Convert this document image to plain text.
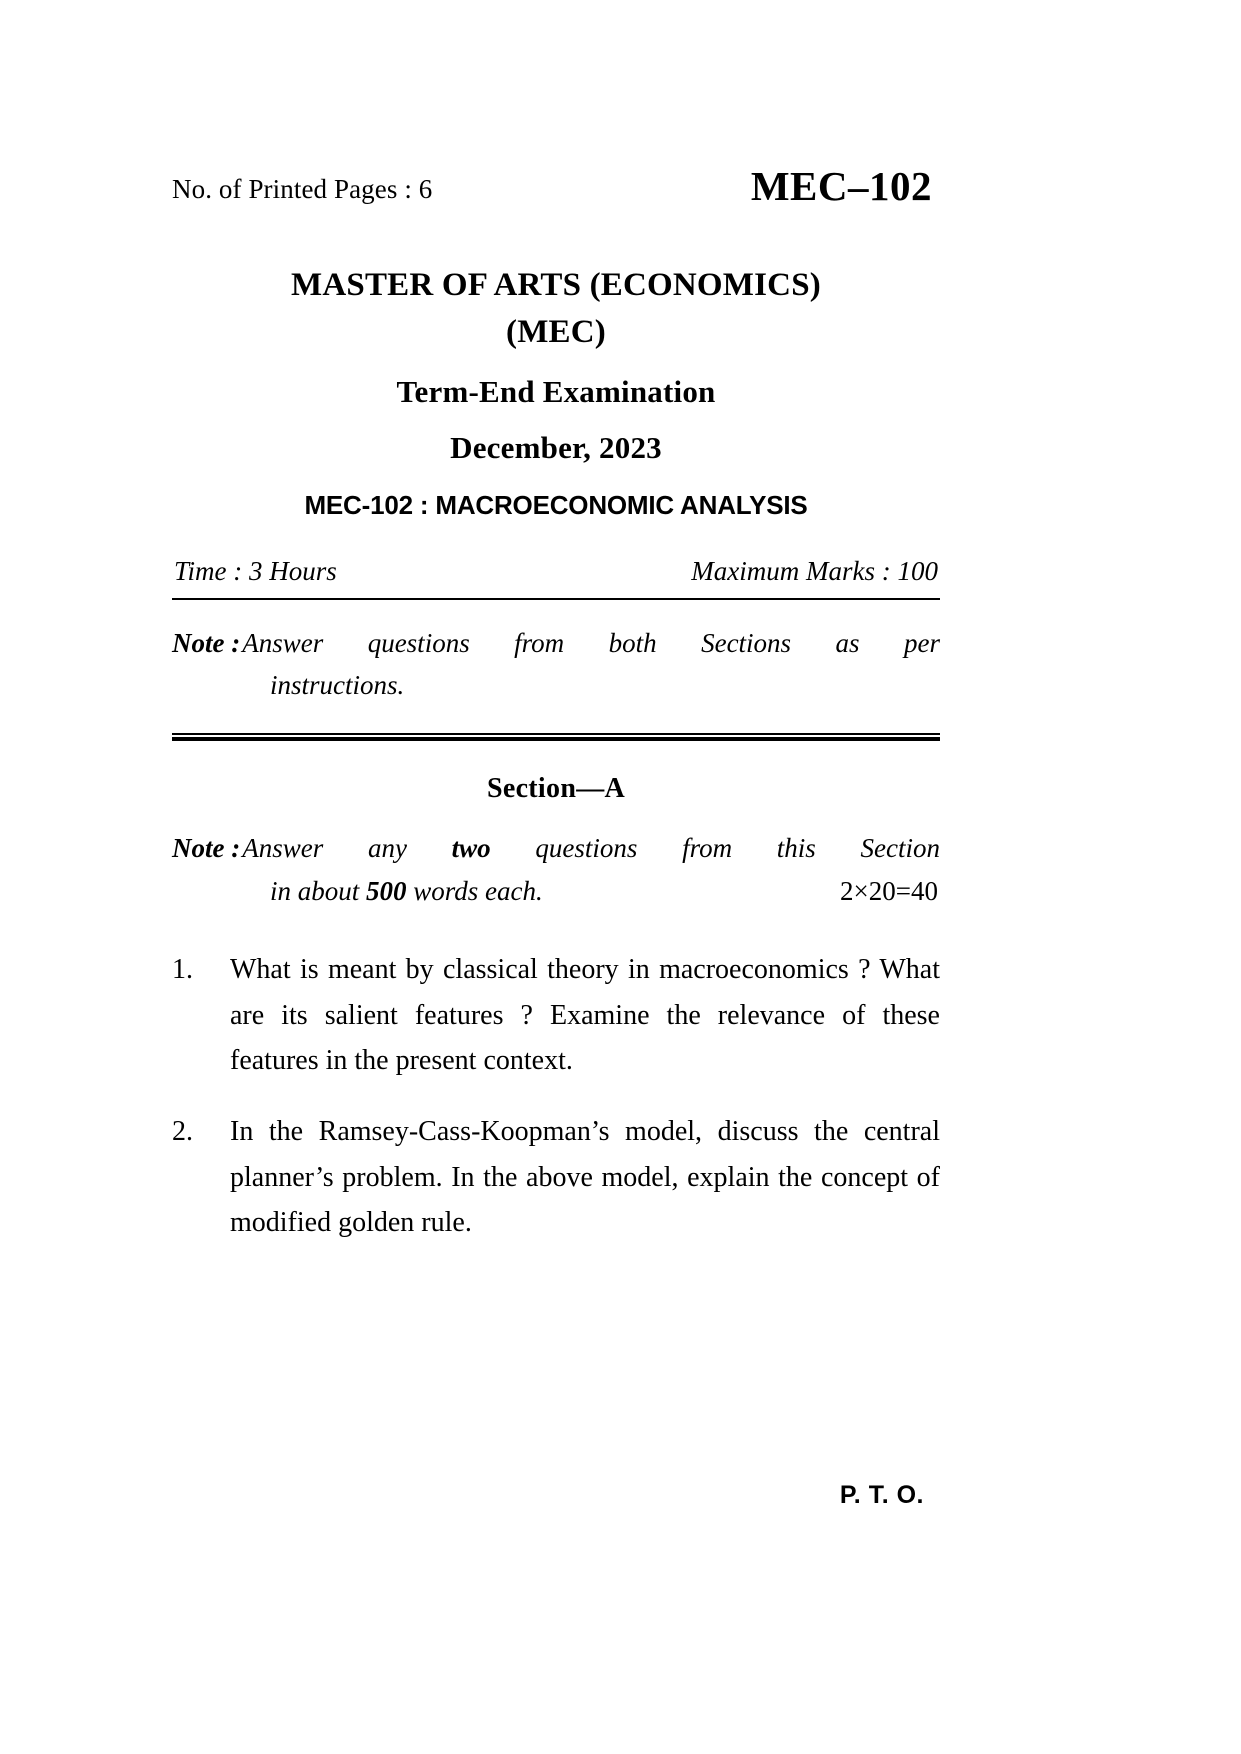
No. of Printed Pages : 6	MEC–102
MASTER OF ARTS (ECONOMICS)
(MEC)
Term-End Examination
December, 2023
MEC-102 : MACROECONOMIC ANALYSIS
Time : 3 Hours	Maximum Marks : 100
Note : Answer questions from both Sections as per
instructions.
Section—A
Note : Answer any two questions from this Section
in about 500 words each.	2×20=40
1.	What is meant by classical theory in macroeconomics ? What are its salient features ? Examine the relevance of these features in the present context.
2.	In the Ramsey-Cass-Koopman’s model, discuss the central planner’s problem. In the above model, explain the concept of modified golden rule.
P. T. O.
